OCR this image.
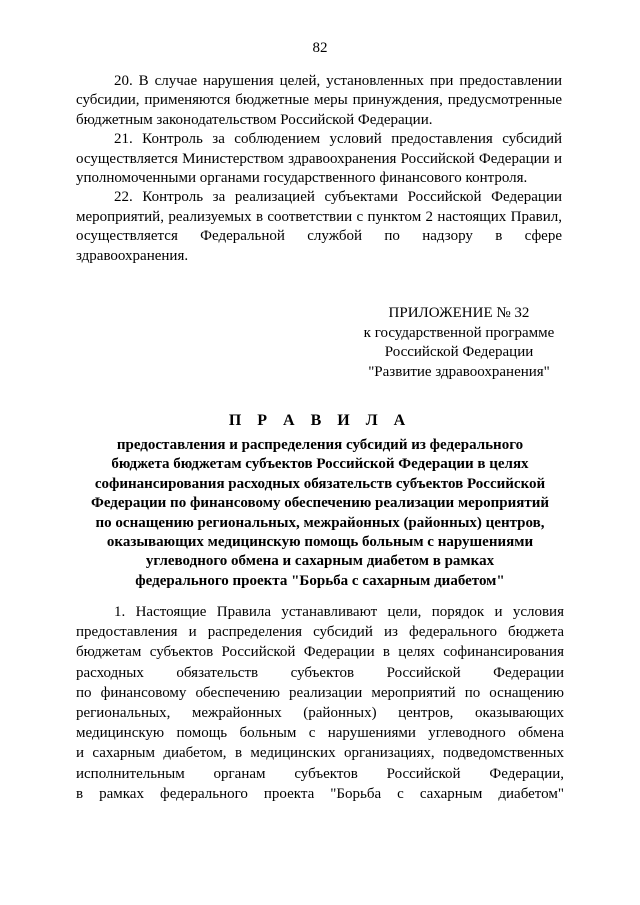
82

20. В случае нарушения целей, установленных при предоставлении субсидии, применяются бюджетные меры принуждения, предусмотренные бюджетным законодательством Российской Федерации.

21. Контроль за соблюдением условий предоставления субсидий осуществляется Министерством здравоохранения Российской Федерации и уполномоченными органами государственного финансового контроля.

22. Контроль за реализацией субъектами Российской Федерации мероприятий, реализуемых в соответствии с пунктом 2 настоящих Правил, осуществляется Федеральной службой по надзору в сфере здравоохранения.

ПРИЛОЖЕНИЕ № 32
к государственной программе
Российской Федерации
"Развитие здравоохранения"
П Р А В И Л А
предоставления и распределения субсидий из федерального
бюджета бюджетам субъектов Российской Федерации в целях
софинансирования расходных обязательств субъектов Российской
Федерации по финансовому обеспечению реализации мероприятий
по оснащению региональных, межрайонных (районных) центров,
оказывающих медицинскую помощь больным с нарушениями
углеводного обмена и сахарным диабетом в рамках
федерального проекта "Борьба с сахарным диабетом"
1. Настоящие Правила устанавливают цели, порядок и условия
предоставления и распределения субсидий из федерального бюджета
бюджетам субъектов Российской Федерации в целях софинансирования
расходных обязательств субъектов Российской Федерации
по финансовому обеспечению реализации мероприятий по оснащению
региональных, межрайонных (районных) центров, оказывающих
медицинскую помощь больным с нарушениями углеводного обмена
и сахарным диабетом, в медицинских организациях, подведомственных
исполнительным органам субъектов Российской Федерации,
в рамках федерального проекта "Борьба с сахарным диабетом"
